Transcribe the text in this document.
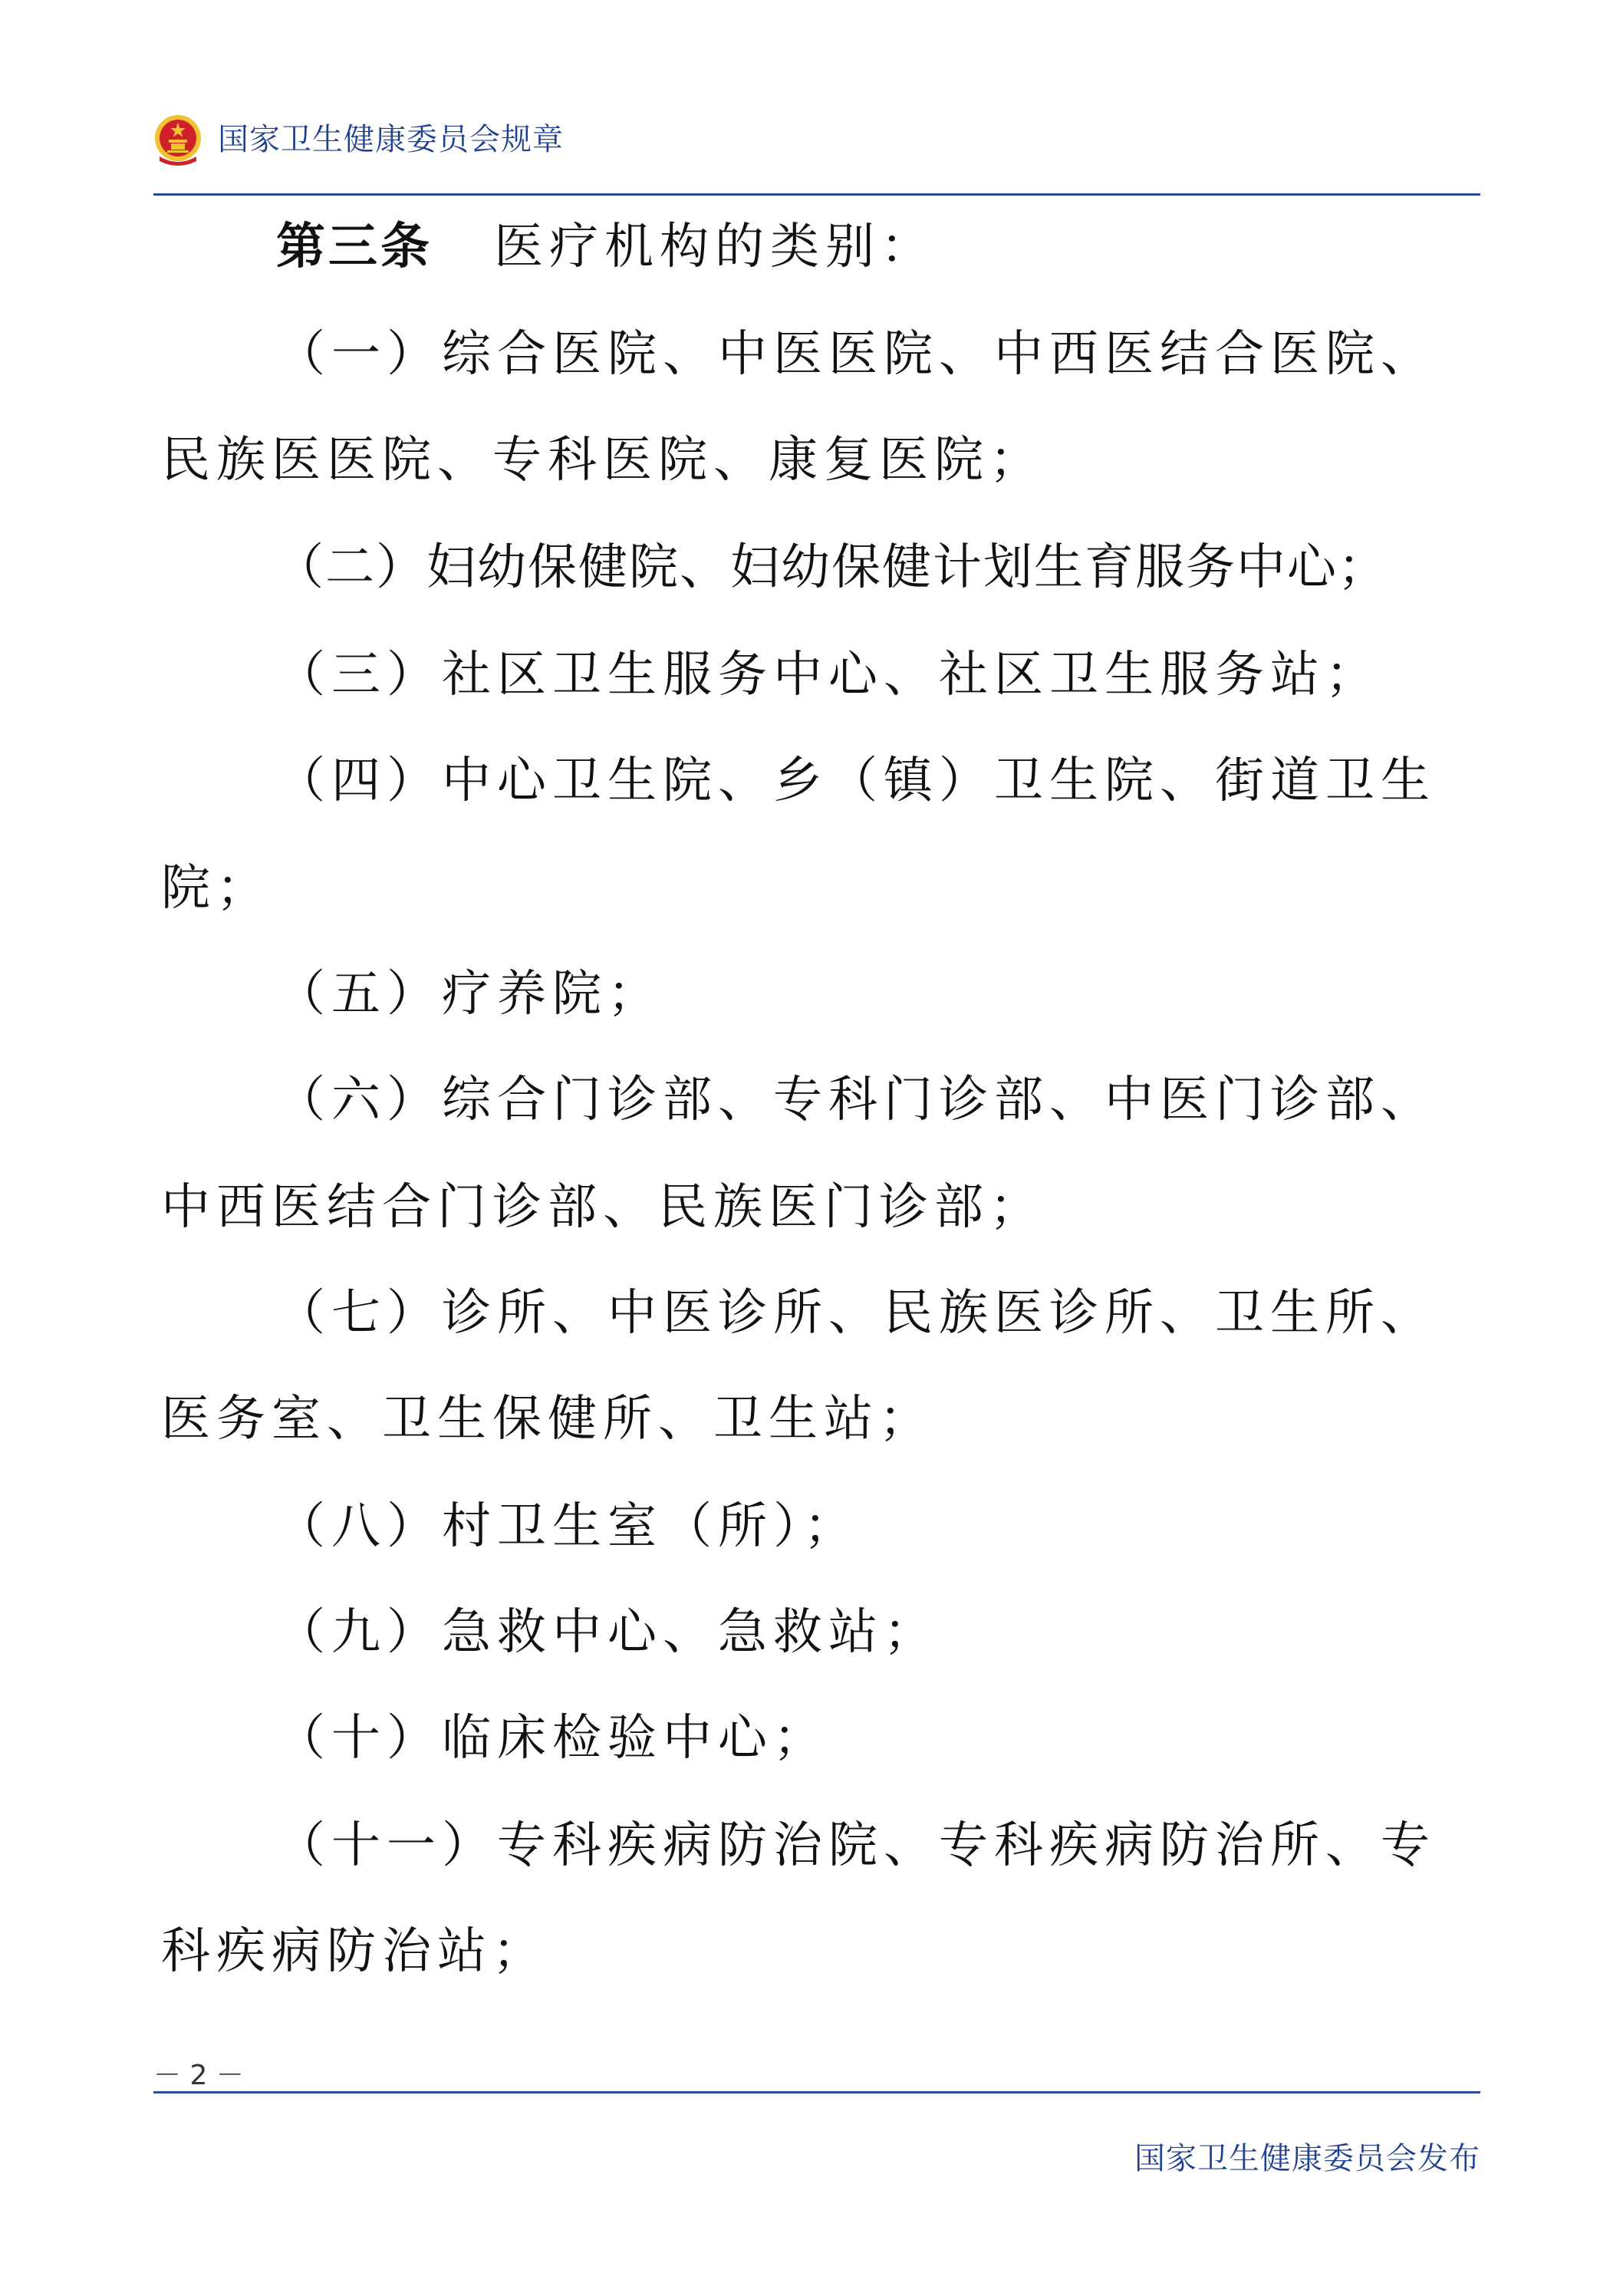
国家卫生健康委员会规章
第三条 医疗机构的类别：
（一）综合医院、中医医院、中西医结合医院、
民族医医院、专科医院、康复医院；
（二）妇幼保健院、妇幼保健计划生育服务中心；
（三）社区卫生服务中心、社区卫生服务站；
（四）中心卫生院、乡（镇）卫生院、街道卫生
院；
（五）疗养院；
（六）综合门诊部、专科门诊部、中医门诊部、
中西医结合门诊部、民族医门诊部；
（七）诊所、中医诊所、民族医诊所、卫生所、
医务室、卫生保健所、卫生站；
（八）村卫生室（所）；
（九）急救中心、急救站；
（十）临床检验中心；
（十一）专科疾病防治院、专科疾病防治所、专
科疾病防治站；
－ 2 －
国家卫生健康委员会发布
